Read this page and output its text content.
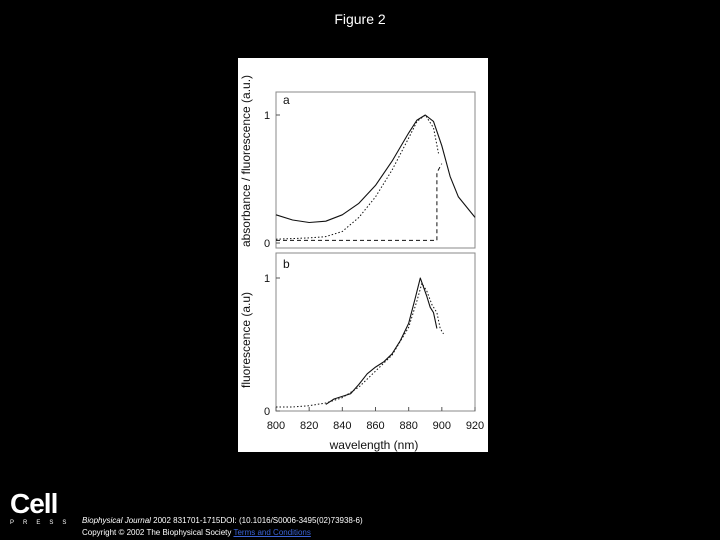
Figure 2
absorbance / fluorescence (a.u.)
fluorescence (a.u)
wavelength (nm)
a
b
0
1
0
1
800 820 840 860 880 900 920
Cell
PRESS Biophysical Journal 2002 831701-1715DOI: (10.1016/S0006-3495(02)73938-6)
Copyright © 2002 The Biophysical Society Terms and Conditions
